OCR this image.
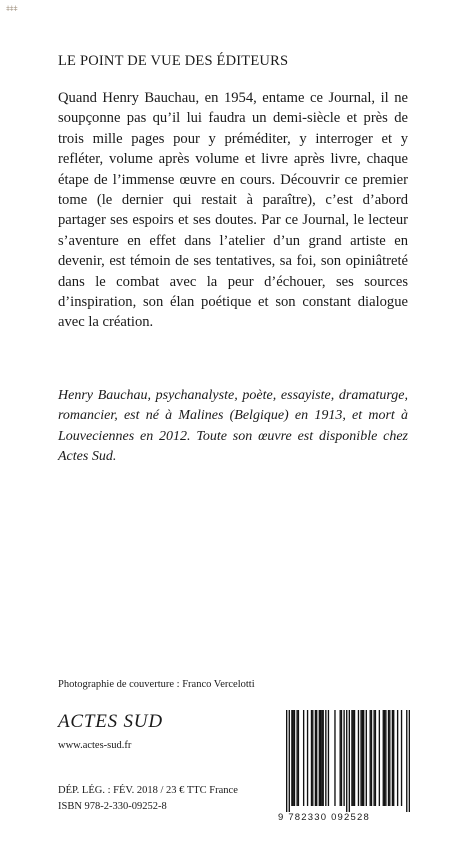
ǂǂǂ
LE POINT DE VUE DES ÉDITEURS

Quand Henry Bauchau, en 1954, entame ce Journal, il ne soupçonne pas qu’il lui faudra un demi-siècle et près de trois mille pages pour y préméditer, y interroger et y refléter, volume après volume et livre après livre, chaque étape de l’immense œuvre en cours. Découvrir ce premier tome (le dernier qui restait à paraître), c’est d’abord partager ses espoirs et ses doutes. Par ce Journal, le lecteur s’aventure en effet dans l’atelier d’un grand artiste en devenir, est témoin de ses tentatives, sa foi, son opiniâtreté dans le combat avec la peur d’échouer, ses sources d’inspiration, son élan poétique et son constant dialogue avec la création.

Henry Bauchau, psychanalyste, poète, essayiste, dramaturge, romancier, est né à Malines (Belgique) en 1913, et mort à Louveciennes en 2012. Toute son œuvre est disponible chez Actes Sud.

Photographie de couverture : Franco Vercelotti

ACTES SUD

www.actes-sud.fr

DÉP. LÉG. : FÉV. 2018 / 23 € TTC France
ISBN 978-2-330-09252-8

9 782330 092528
